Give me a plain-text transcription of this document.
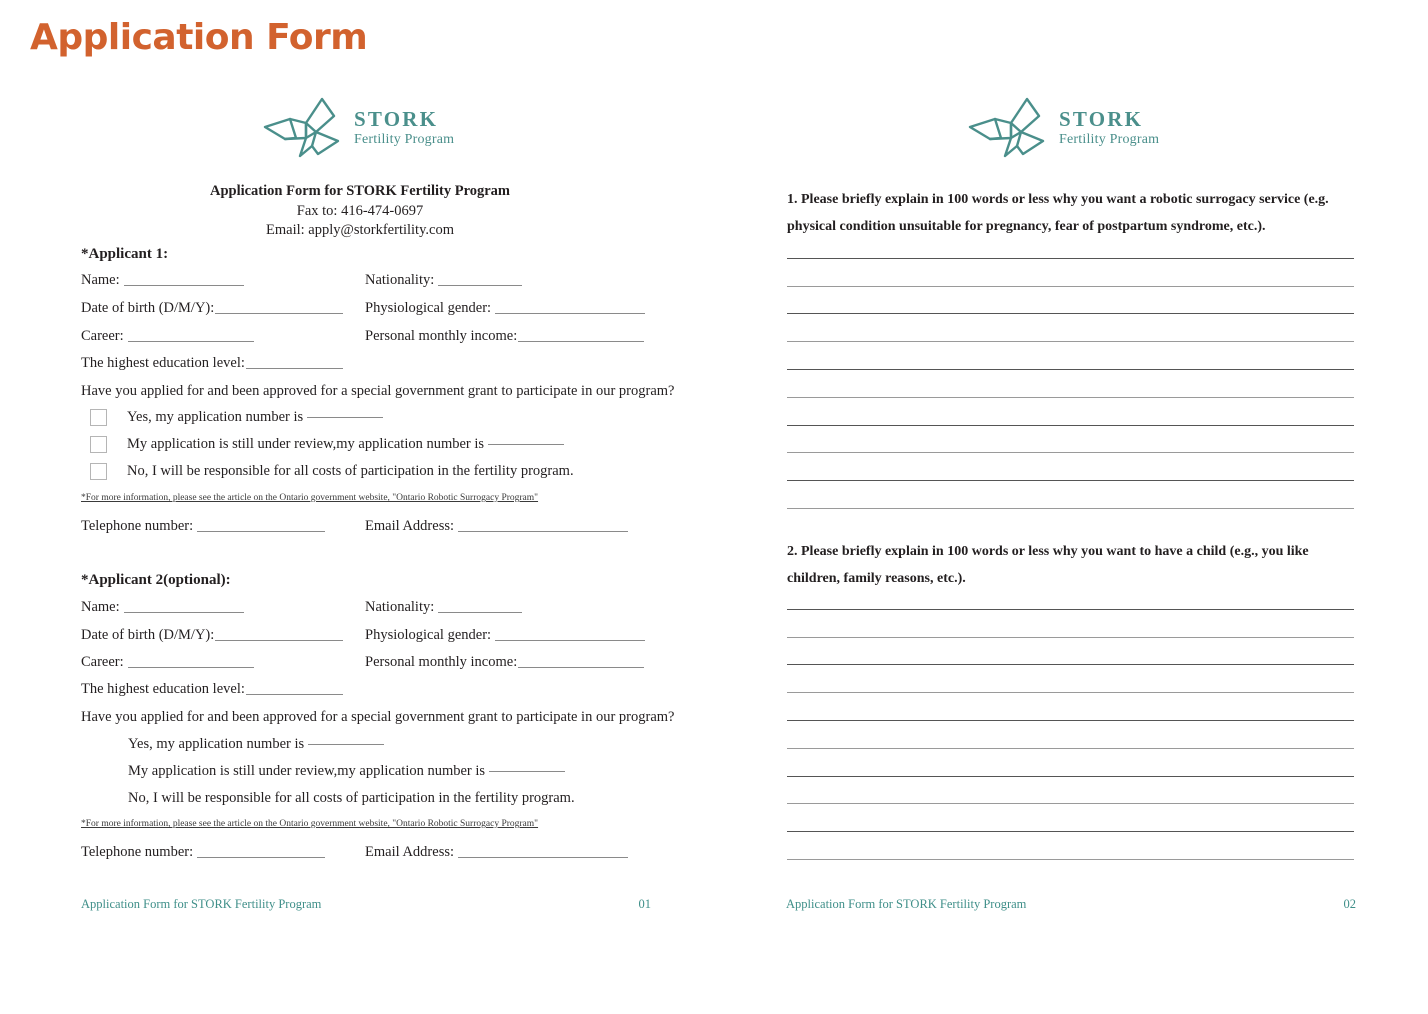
Application Form
STORK
Fertility Program
Application Form for STORK Fertility Program
Fax to: 416-474-0697
Email: apply@storkfertility.com
*Applicant 1:
Name:	Nationality:
Date of birth (D/M/Y):	Physiological gender:
Career:	Personal monthly income:
The highest education level:
Have you applied for and been approved for a special government grant to participate in our program?
Yes, my application number is
My application is still under review,my application number is
No, I will be responsible for all costs of participation in the fertility program.
*For more information, please see the article on the Ontario government website, "Ontario Robotic Surrogacy Program"
Telephone number:	Email Address:
*Applicant 2(optional):
Name:	Nationality:
Date of birth (D/M/Y):	Physiological gender:
Career:	Personal monthly income:
The highest education level:
Have you applied for and been approved for a special government grant to participate in our program?
Yes, my application number is
My application is still under review,my application number is
No, I will be responsible for all costs of participation in the fertility program.
*For more information, please see the article on the Ontario government website, "Ontario Robotic Surrogacy Program"
Telephone number:	Email Address:
Application Form for STORK Fertility Program	01
STORK
Fertility Program
1. Please briefly explain in 100 words or less why you want a robotic surrogacy service (e.g. physical condition unsuitable for pregnancy, fear of postpartum syndrome, etc.).
2. Please briefly explain in 100 words or less why you want to have a child (e.g., you like children, family reasons, etc.).
Application Form for STORK Fertility Program	02
